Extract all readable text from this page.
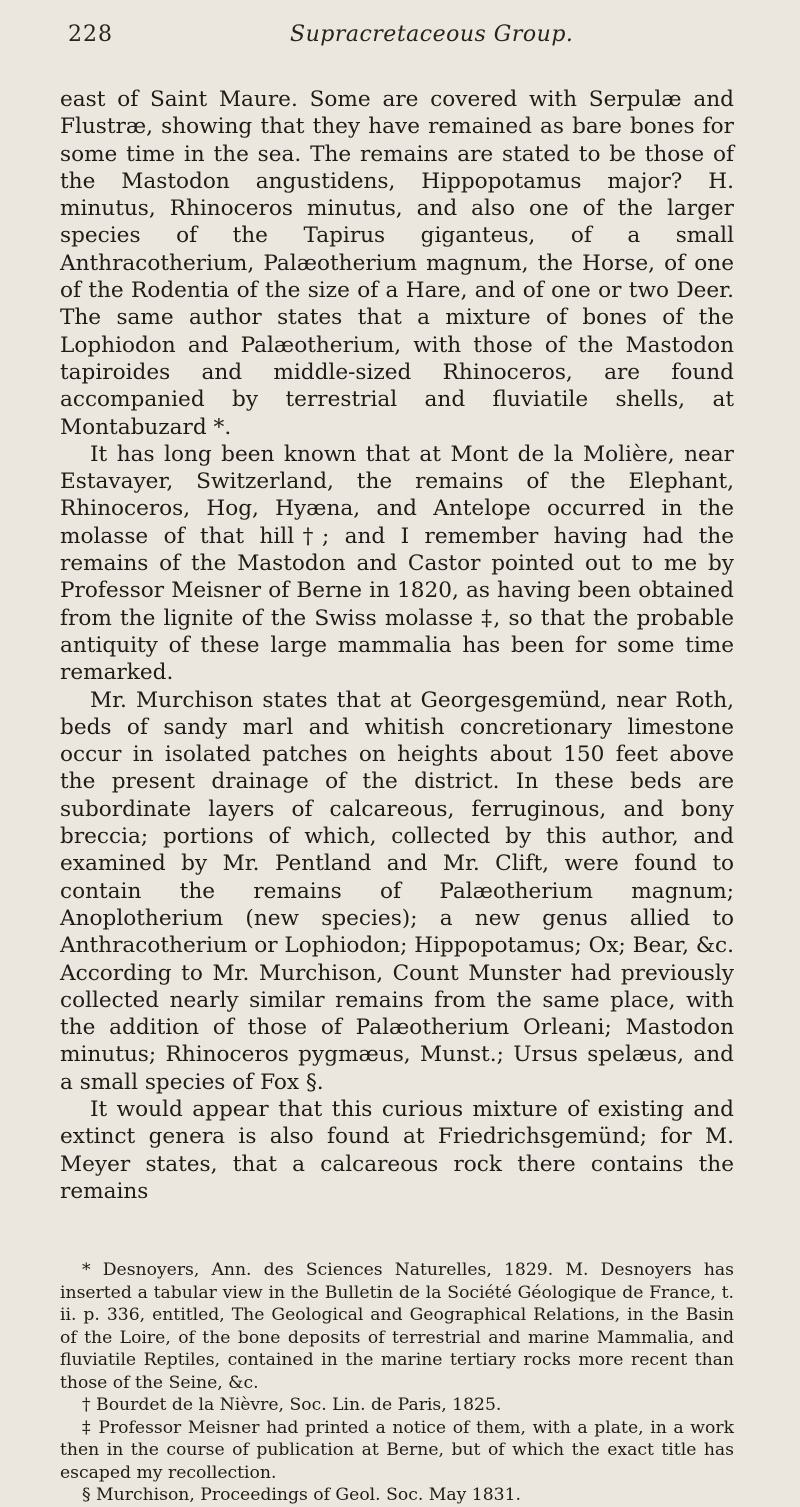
228	Supracretaceous Group.

east of Saint Maure. Some are covered with Serpulæ and Flustræ, showing that they have remained as bare bones for some time in the sea. The remains are stated to be those of the Mastodon angustidens, Hippopotamus major? H. minutus, Rhinoceros minutus, and also one of the larger species of the Tapirus giganteus, of a small Anthracotherium, Palæotherium magnum, the Horse, of one of the Rodentia of the size of a Hare, and of one or two Deer. The same author states that a mixture of bones of the Lophiodon and Palæotherium, with those of the Mastodon tapiroides and middle-sized Rhinoceros, are found accompanied by terrestrial and fluviatile shells, at Montabuzard *.

It has long been known that at Mont de la Molière, near Estavayer, Switzerland, the remains of the Elephant, Rhinoceros, Hog, Hyæna, and Antelope occurred in the molasse of that hill†; and I remember having had the remains of the Mastodon and Castor pointed out to me by Professor Meisner of Berne in 1820, as having been obtained from the lignite of the Swiss molasse ‡, so that the probable antiquity of these large mammalia has been for some time remarked.

Mr. Murchison states that at Georgesgemünd, near Roth, beds of sandy marl and whitish concretionary limestone occur in isolated patches on heights about 150 feet above the present drainage of the district. In these beds are subordinate layers of calcareous, ferruginous, and bony breccia; portions of which, collected by this author, and examined by Mr. Pentland and Mr. Clift, were found to contain the remains of Palæotherium magnum; Anoplotherium (new species); a new genus allied to Anthracotherium or Lophiodon; Hippopotamus; Ox; Bear, &c. According to Mr. Murchison, Count Munster had previously collected nearly similar remains from the same place, with the addition of those of Palæotherium Orleani; Mastodon minutus; Rhinoceros pygmæus, Munst.; Ursus spelæus, and a small species of Fox §.

It would appear that this curious mixture of existing and extinct genera is also found at Friedrichsgemünd; for M. Meyer states, that a calcareous rock there contains the remains

* Desnoyers, Ann. des Sciences Naturelles, 1829. M. Desnoyers has inserted a tabular view in the Bulletin de la Société Géologique de France, t. ii. p. 336, entitled, The Geological and Geographical Relations, in the Basin of the Loire, of the bone deposits of terrestrial and marine Mammalia, and fluviatile Reptiles, contained in the marine tertiary rocks more recent than those of the Seine, &c.

† Bourdet de la Nièvre, Soc. Lin. de Paris, 1825.

‡ Professor Meisner had printed a notice of them, with a plate, in a work then in the course of publication at Berne, but of which the exact title has escaped my recollection.

§ Murchison, Proceedings of Geol. Soc. May 1831.
